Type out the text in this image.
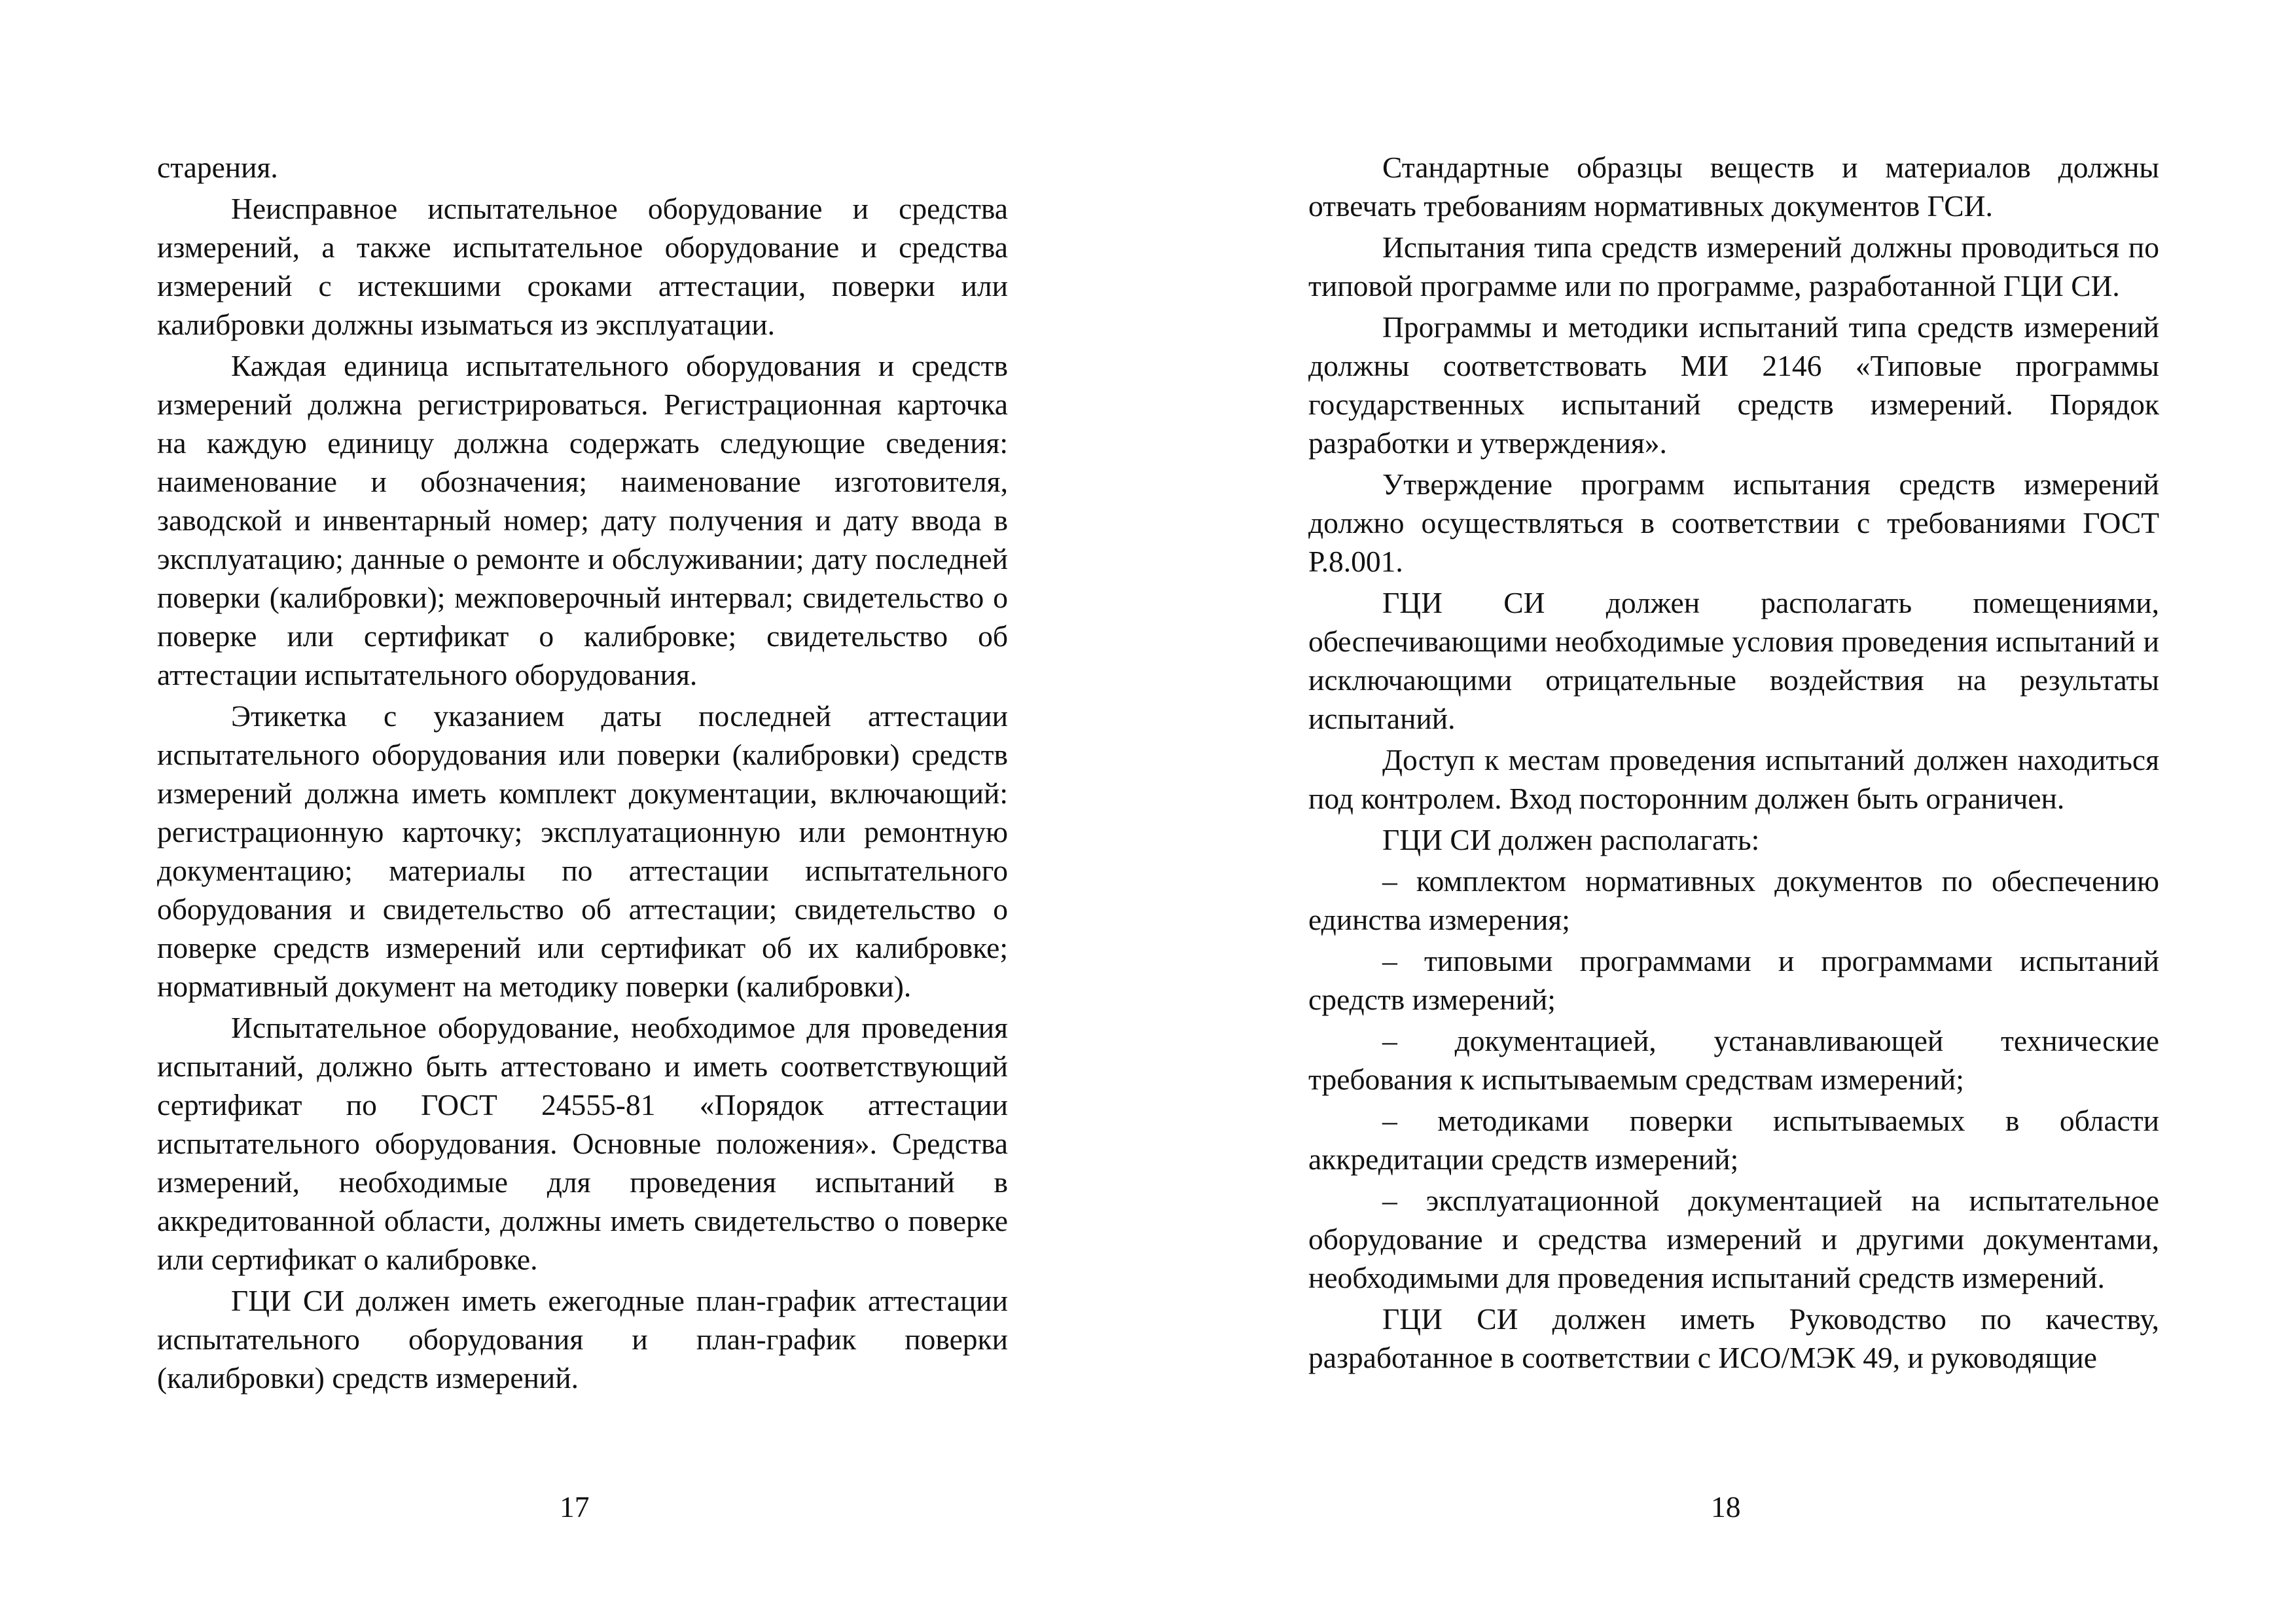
старения.

Неисправное испытательное оборудование и средства измерений, а также испытательное оборудование и средства измерений с истекшими сроками аттестации, поверки или калибровки должны изыматься из эксплуатации.

Каждая единица испытательного оборудования и средств измерений должна регистрироваться. Регистрационная карточка на каждую единицу должна содержать следующие сведения: наименование и обозначения; наименование изготовителя, заводской и инвентарный номер; дату получения и дату ввода в эксплуатацию; данные о ремонте и обслуживании; дату последней поверки (калибровки); межповерочный интервал; свидетельство о поверке или сертификат о калибровке; свидетельство об аттестации испытательного оборудования.

Этикетка с указанием даты последней аттестации испытательного оборудования или поверки (калибровки) средств измерений должна иметь комплект документации, включающий: регистрационную карточку; эксплуатационную или ремонтную документацию; материалы по аттестации испытательного оборудования и свидетельство об аттестации; свидетельство о поверке средств измерений или сертификат об их калибровке; нормативный документ на методику поверки (калибровки).

Испытательное оборудование, необходимое для проведения испытаний, должно быть аттестовано и иметь соответствующий сертификат по ГОСТ 24555-81 «Порядок аттестации испытательного оборудования. Основные положения». Средства измерений, необходимые для проведения испытаний в аккредитованной области, должны иметь свидетельство о поверке или сертификат о калибровке.

ГЦИ СИ должен иметь ежегодные план-график аттестации испытательного оборудования и план-график поверки (калибровки) средств измерений.

17

Стандартные образцы веществ и материалов должны отвечать требованиям нормативных документов ГСИ.

Испытания типа средств измерений должны проводиться по типовой программе или по программе, разработанной ГЦИ СИ.

Программы и методики испытаний типа средств измерений должны соответствовать МИ 2146 «Типовые программы государственных испытаний средств измерений. Порядок разработки и утверждения».

Утверждение программ испытания средств измерений должно осуществляться в соответствии с требованиями ГОСТ Р.8.001.

ГЦИ СИ должен располагать помещениями, обеспечивающими необходимые условия проведения испытаний и исключающими отрицательные воздействия на результаты испытаний.

Доступ к местам проведения испытаний должен находиться под контролем. Вход посторонним должен быть ограничен.

ГЦИ СИ должен располагать:

– комплектом нормативных документов по обеспечению единства измерения;

– типовыми программами и программами испытаний средств измерений;

– документацией, устанавливающей технические требования к испытываемым средствам измерений;

– методиками поверки испытываемых в области аккредитации средств измерений;

– эксплуатационной документацией на испытательное оборудование и средства измерений и другими документами, необходимыми для проведения испытаний средств измерений.

ГЦИ СИ должен иметь Руководство по качеству, разработанное в соответствии с ИСО/МЭК 49, и руководящие

18
